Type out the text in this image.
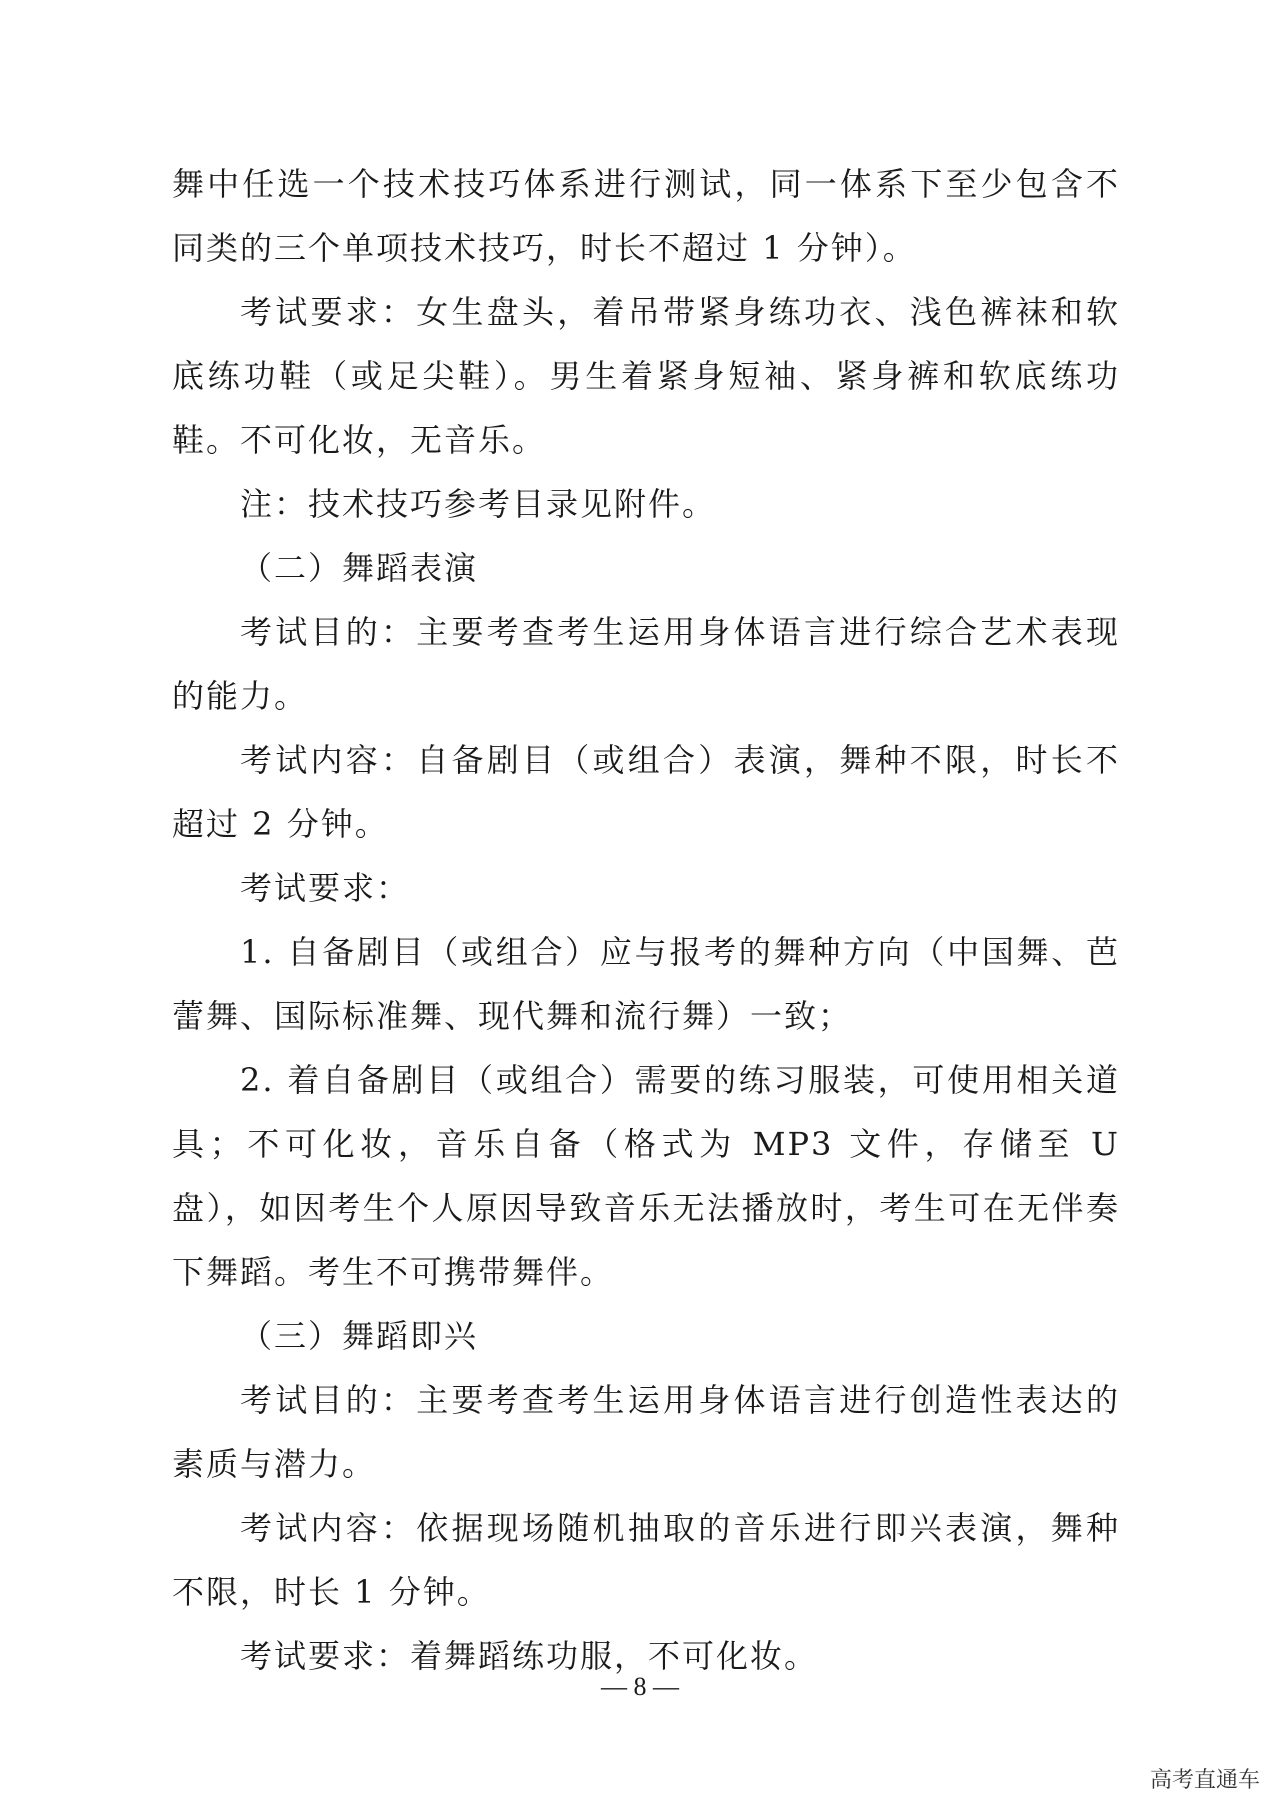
舞中任选一个技术技巧体系进行测试，同一体系下至少包含不同类的三个单项技术技巧，时长不超过 1 分钟）。

考试要求：女生盘头，着吊带紧身练功衣、浅色裤袜和软底练功鞋（或足尖鞋）。男生着紧身短袖、紧身裤和软底练功鞋。不可化妆，无音乐。

注：技术技巧参考目录见附件。

（二）舞蹈表演

考试目的：主要考查考生运用身体语言进行综合艺术表现的能力。

考试内容：自备剧目（或组合）表演，舞种不限，时长不超过 2 分钟。

考试要求：

1. 自备剧目（或组合）应与报考的舞种方向（中国舞、芭蕾舞、国际标准舞、现代舞和流行舞）一致；

2. 着自备剧目（或组合）需要的练习服装，可使用相关道具；不可化妆，音乐自备（格式为 MP3 文件，存储至 U 盘），如因考生个人原因导致音乐无法播放时，考生可在无伴奏下舞蹈。考生不可携带舞伴。

（三）舞蹈即兴

考试目的：主要考查考生运用身体语言进行创造性表达的素质与潜力。

考试内容：依据现场随机抽取的音乐进行即兴表演，舞种不限，时长 1 分钟。

考试要求：着舞蹈练功服，不可化妆。

— 8 —
高考直通车
